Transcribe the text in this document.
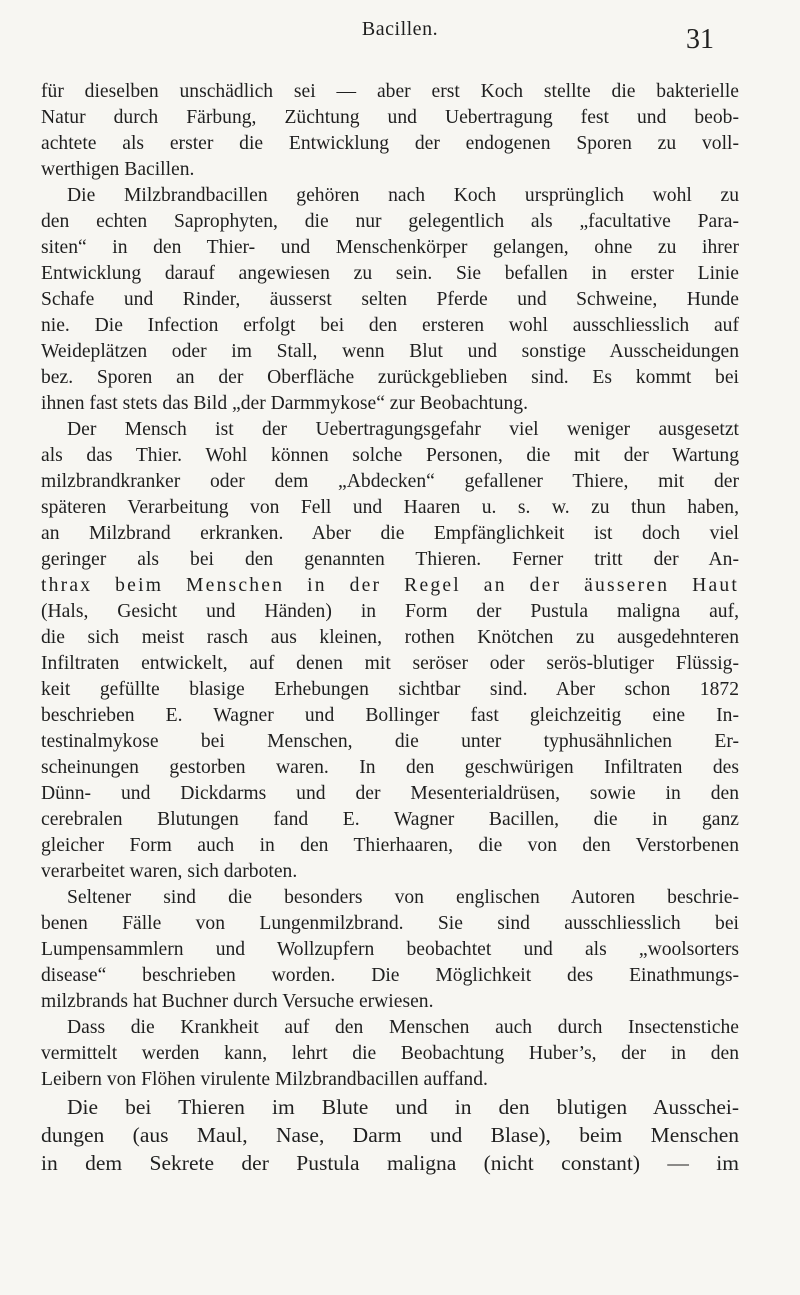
Bacillen.	31
für dieselben unschädlich sei — aber erst Koch stellte die bakterielle
Natur durch Färbung, Züchtung und Uebertragung fest und beob-
achtete als erster die Entwicklung der endogenen Sporen zu voll-
werthigen Bacillen.
Die Milzbrandbacillen gehören nach Koch ursprünglich wohl zu
den echten Saprophyten, die nur gelegentlich als „facultative Para-
siten“ in den Thier- und Menschenkörper gelangen, ohne zu ihrer
Entwicklung darauf angewiesen zu sein. Sie befallen in erster Linie
Schafe und Rinder, äusserst selten Pferde und Schweine, Hunde
nie. Die Infection erfolgt bei den ersteren wohl ausschliesslich auf
Weideplätzen oder im Stall, wenn Blut und sonstige Ausscheidungen
bez. Sporen an der Oberfläche zurückgeblieben sind. Es kommt bei
ihnen fast stets das Bild „der Darmmykose“ zur Beobachtung.
Der Mensch ist der Uebertragungsgefahr viel weniger ausgesetzt
als das Thier. Wohl können solche Personen, die mit der Wartung
milzbrandkranker oder dem „Abdecken“ gefallener Thiere, mit der
späteren Verarbeitung von Fell und Haaren u. s. w. zu thun haben,
an Milzbrand erkranken. Aber die Empfänglichkeit ist doch viel
geringer als bei den genannten Thieren. Ferner tritt der An-
thrax beim Menschen in der Regel an der äusseren Haut
(Hals, Gesicht und Händen) in Form der Pustula maligna auf,
die sich meist rasch aus kleinen, rothen Knötchen zu ausgedehnteren
Infiltraten entwickelt, auf denen mit seröser oder serös-blutiger Flüssig-
keit gefüllte blasige Erhebungen sichtbar sind. Aber schon 1872
beschrieben E. Wagner und Bollinger fast gleichzeitig eine In-
testinalmykose bei Menschen, die unter typhusähnlichen Er-
scheinungen gestorben waren. In den geschwürigen Infiltraten des
Dünn- und Dickdarms und der Mesenterialdrüsen, sowie in den
cerebralen Blutungen fand E. Wagner Bacillen, die in ganz
gleicher Form auch in den Thierhaaren, die von den Verstorbenen
verarbeitet waren, sich darboten.
Seltener sind die besonders von englischen Autoren beschrie-
benen Fälle von Lungenmilzbrand. Sie sind ausschliesslich bei
Lumpensammlern und Wollzupfern beobachtet und als „woolsorters
disease“ beschrieben worden. Die Möglichkeit des Einathmungs-
milzbrands hat Buchner durch Versuche erwiesen.
Dass die Krankheit auf den Menschen auch durch Insectenstiche
vermittelt werden kann, lehrt die Beobachtung Huber’s, der in den
Leibern von Flöhen virulente Milzbrandbacillen auffand.
Die bei Thieren im Blute und in den blutigen Ausschei-
dungen (aus Maul, Nase, Darm und Blase), beim Menschen
in dem Sekrete der Pustula maligna (nicht constant) — im
